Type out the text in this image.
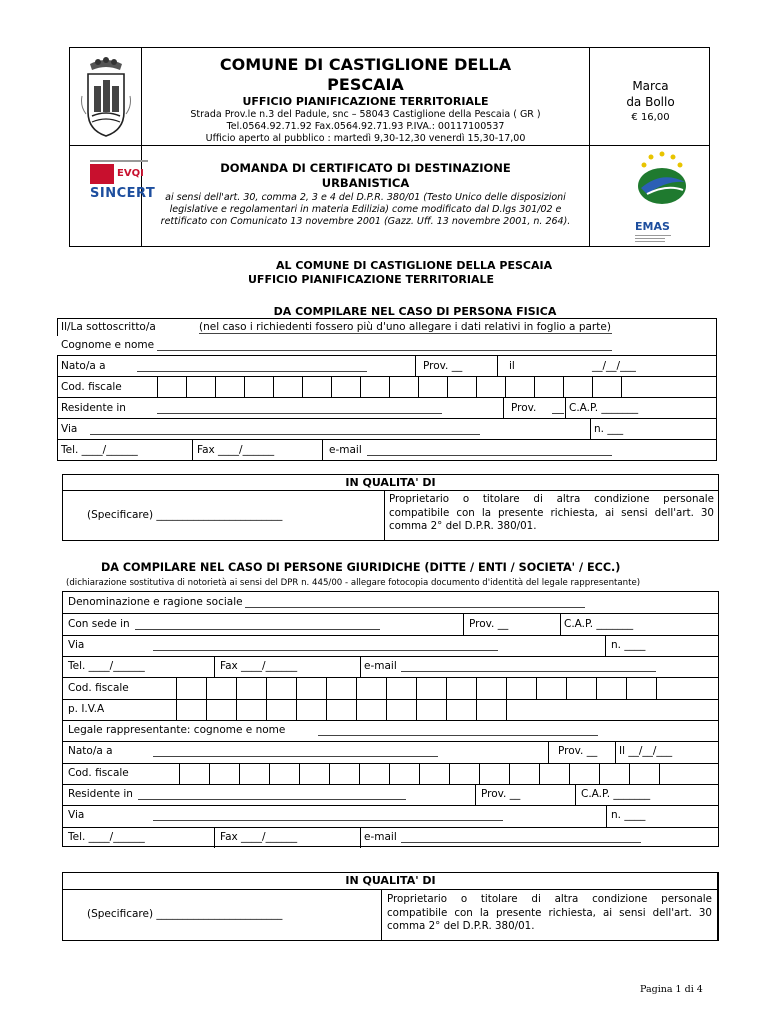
COMUNE DI CASTIGLIONE DELLA
PESCAIA
UFFICIO PIANIFICAZIONE TERRITORIALE
Strada Prov.le n.3 del Padule, snc – 58043 Castiglione della Pescaia ( GR )
Tel.0564.92.71.92 Fax.0564.92.71.93 P.IVA.: 00117100537
Ufficio aperto al pubblico : martedì 9,30-12,30 venerdì 15,30-17,00
Marca
da Bollo
€ 16,00
EVQI
SINCERT
DOMANDA DI CERTIFICATO DI DESTINAZIONE
URBANISTICA
ai sensi dell'art. 30, comma 2, 3 e 4 del D.P.R. 380/01 (Testo Unico delle disposizioni
legislative e regolamentari in materia Edilizia) come modificato dal D.lgs 301/02 e
rettificato con Comunicato 13 novembre 2001 (Gazz. Uff. 13 novembre 2001, n. 264).	EMAS
AL COMUNE DI CASTIGLIONE DELLA PESCAIA
UFFICIO PIANIFICAZIONE TERRITORIALE
DA COMPILARE NEL CASO DI PERSONA FISICA
Il/La sottoscritto/a	(nel caso i richiedenti fossero più d'uno allegare i dati relativi in foglio a parte)
Cognome e nome
Nato/a a	Prov. __	il	__/__/___
Cod. fiscale
Residente in	Prov.	C.A.P. _______
Via	n. ___
Tel. ____/______	Fax ____/______	e-mail
IN QUALITA' DI
(Specificare) ________________________
Proprietario o titolare di altra condizione personale compatibile con la presente richiesta, ai sensi dell'art. 30 comma 2° del D.P.R. 380/01.
DA COMPILARE NEL CASO DI PERSONE GIURIDICHE (DITTE / ENTI / SOCIETA' / ECC.)
(dichiarazione sostitutiva di notorietà ai sensi del DPR n. 445/00 - allegare fotocopia documento d'identità del legale rappresentante)
Denominazione e ragione sociale
Con sede in	Prov. __	C.A.P. _______
Via	n. ____
Tel. ____/______	Fax ____/______	e-mail
Cod. fiscale
p. I.V.A
Legale rappresentante: cognome e nome
Nato/a a	Prov. __ Il __/__/___
Cod. fiscale
Residente in	Prov. __	C.A.P. _______
Via	n. ____
Tel. ____/______	Fax ____/______	e-mail
IN QUALITA' DI
(Specificare) ________________________
Proprietario o titolare di altra condizione personale compatibile con la presente richiesta, ai sensi dell'art. 30 comma 2° del D.P.R. 380/01.
Pagina 1 di 4
